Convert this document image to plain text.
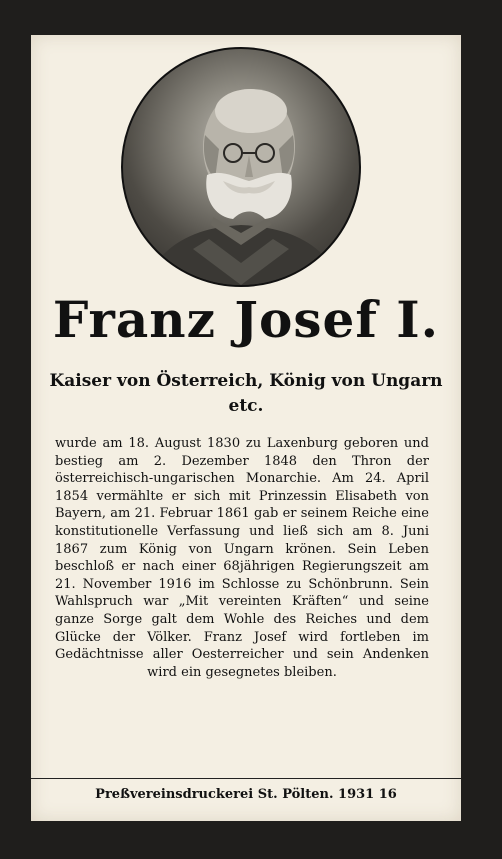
Franz Josef I.
Kaiser von Österreich, König von Ungarn etc.
wurde am 18. August 1830 zu Laxenburg geboren und bestieg am 2. Dezember 1848 den Thron der österreichisch-ungarischen Monarchie. Am 24. April 1854 vermählte er sich mit Prinzessin Elisabeth von Bayern, am 21. Februar 1861 gab er seinem Reiche eine konstitutionelle Verfassung und ließ sich am 8. Juni 1867 zum König von Ungarn krönen. Sein Leben beschloß er nach einer 68jährigen Regierungszeit am 21. November 1916 im Schlosse zu Schönbrunn. Sein Wahlspruch war „Mit vereinten Kräften“ und seine ganze Sorge galt dem Wohle des Reiches und dem Glücke der Völker. Franz Josef wird fortleben im Gedächtnisse aller Oesterreicher und sein Andenken wird ein gesegnetes bleiben.
Preßvereinsdruckerei St. Pölten. 1931 16
